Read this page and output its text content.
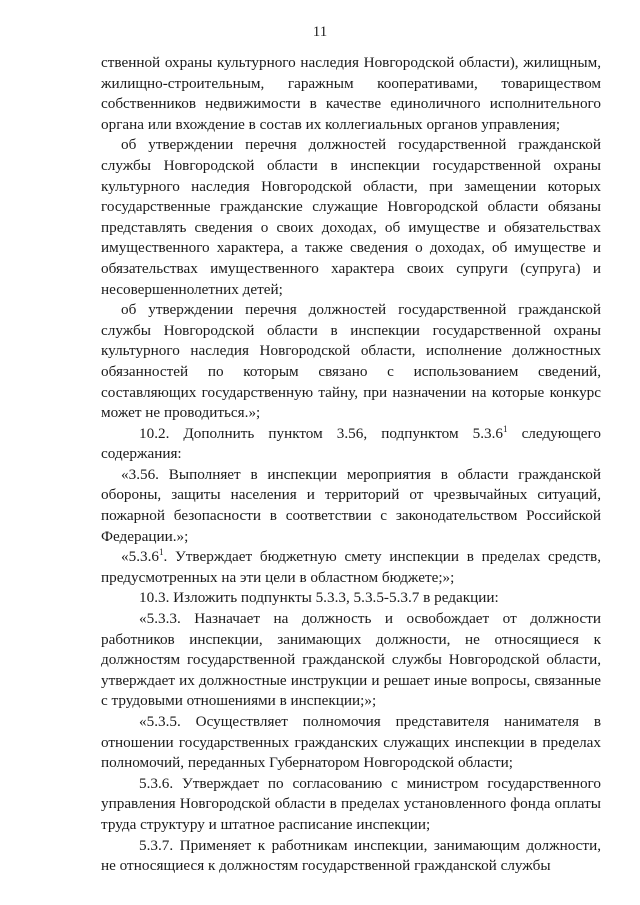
11

ственной охраны культурного наследия Новгородской области), жилищным, жилищно-строительным, гаражным кооперативами, товариществом собственников недвижимости в качестве единоличного исполнительного органа или вхождение в состав их коллегиальных органов управления;

об утверждении перечня должностей государственной гражданской службы Новгородской области в инспекции государственной охраны культурного наследия Новгородской области, при замещении которых государственные гражданские служащие Новгородской области обязаны представлять сведения о своих доходах, об имуществе и обязательствах имущественного характера, а также сведения о доходах, об имуществе и обязательствах имущественного характера своих супруги (супруга) и несовершеннолетних детей;

об утверждении перечня должностей государственной гражданской службы Новгородской области в инспекции государственной охраны культурного наследия Новгородской области, исполнение должностных обязанностей по которым связано с использованием сведений, составляющих государственную тайну, при назначении на которые конкурс может не проводиться.»;

10.2. Дополнить пунктом 3.56, подпунктом 5.3.6$^1$ следующего содержания:

«3.56. Выполняет в инспекции мероприятия в области гражданской обороны, защиты населения и территорий от чрезвычайных ситуаций, пожарной безопасности в соответствии с законодательством Российской Федерации.»;

«5.3.6$^1$. Утверждает бюджетную смету инспекции в пределах средств, предусмотренных на эти цели в областном бюджете;»;

10.3. Изложить подпункты 5.3.3, 5.3.5-5.3.7 в редакции:

«5.3.3. Назначает на должность и освобождает от должности работников инспекции, занимающих должности, не относящиеся к должностям государственной гражданской службы Новгородской области, утверждает их должностные инструкции и решает иные вопросы, связанные с трудовыми отношениями в инспекции;»;

«5.3.5. Осуществляет полномочия представителя нанимателя в отношении государственных гражданских служащих инспекции в пределах полномочий, переданных Губернатором Новгородской области;

5.3.6. Утверждает по согласованию с министром государственного управления Новгородской области в пределах установленного фонда оплаты труда структуру и штатное расписание инспекции;

5.3.7. Применяет к работникам инспекции, занимающим должности, не относящиеся к должностям государственной гражданской службы
